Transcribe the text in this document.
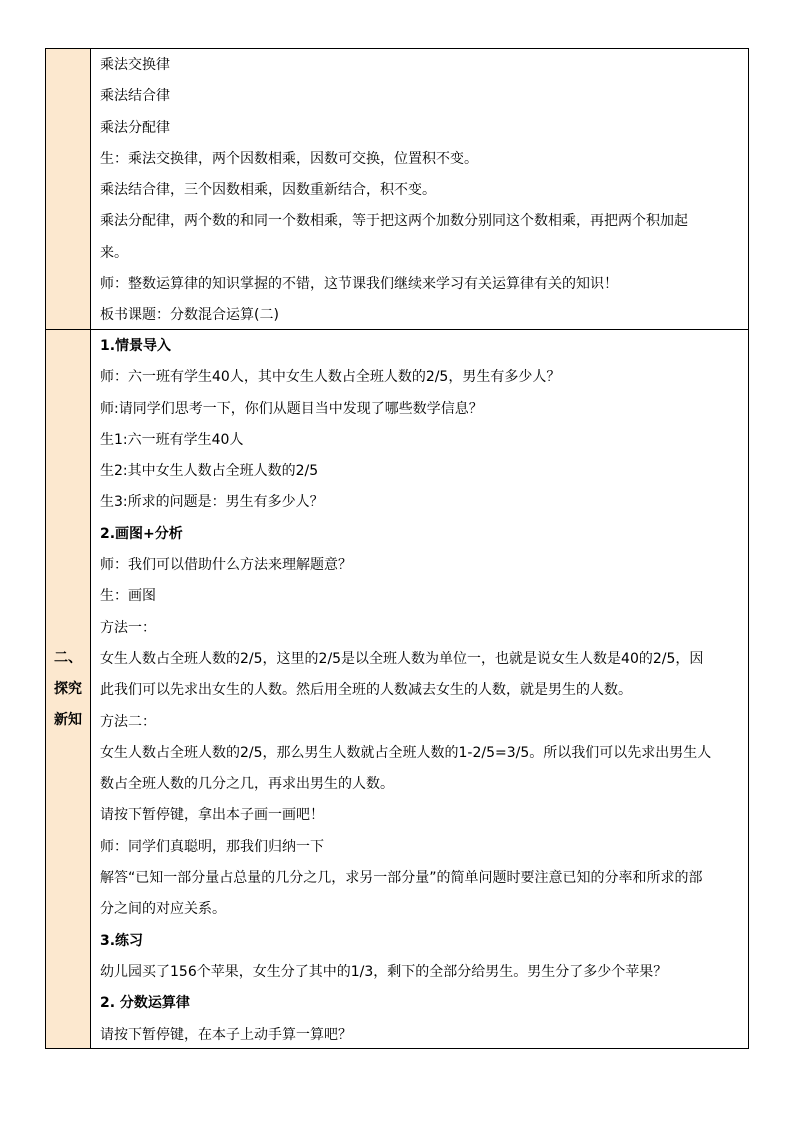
乘法交换律

乘法结合律

乘法分配律

生：乘法交换律，两个因数相乘，因数可交换，位置积不变。

乘法结合律，三个因数相乘，因数重新结合，积不变。

乘法分配律，两个数的和同一个数相乘，等于把这两个加数分别同这个数相乘，再把两个积加起

来。

师：整数运算律的知识掌握的不错，这节课我们继续来学习有关运算律有关的知识！

板书课题：分数混合运算(二)

二、
探究
新知

1.情景导入

师：六一班有学生40人，其中女生人数占全班人数的2/5，男生有多少人？

师:请同学们思考一下，你们从题目当中发现了哪些数学信息？

生1:六一班有学生40人

生2:其中女生人数占全班人数的2/5

生3:所求的问题是：男生有多少人？

2.画图+分析

师：我们可以借助什么方法来理解题意？

生：画图

方法一：

女生人数占全班人数的2/5，这里的2/5是以全班人数为单位一，也就是说女生人数是40的2/5，因

此我们可以先求出女生的人数。然后用全班的人数减去女生的人数，就是男生的人数。

方法二：

女生人数占全班人数的2/5，那么男生人数就占全班人数的1-2/5=3/5。所以我们可以先求出男生人

数占全班人数的几分之几，再求出男生的人数。

请按下暂停键，拿出本子画一画吧！

师：同学们真聪明，那我们归纳一下

解答“已知一部分量占总量的几分之几，求另一部分量”的简单问题时要注意已知的分率和所求的部

分之间的对应关系。

3.练习

幼儿园买了156个苹果，女生分了其中的1/3，剩下的全部分给男生。男生分了多少个苹果？

2. 分数运算律

请按下暂停键，在本子上动手算一算吧？
